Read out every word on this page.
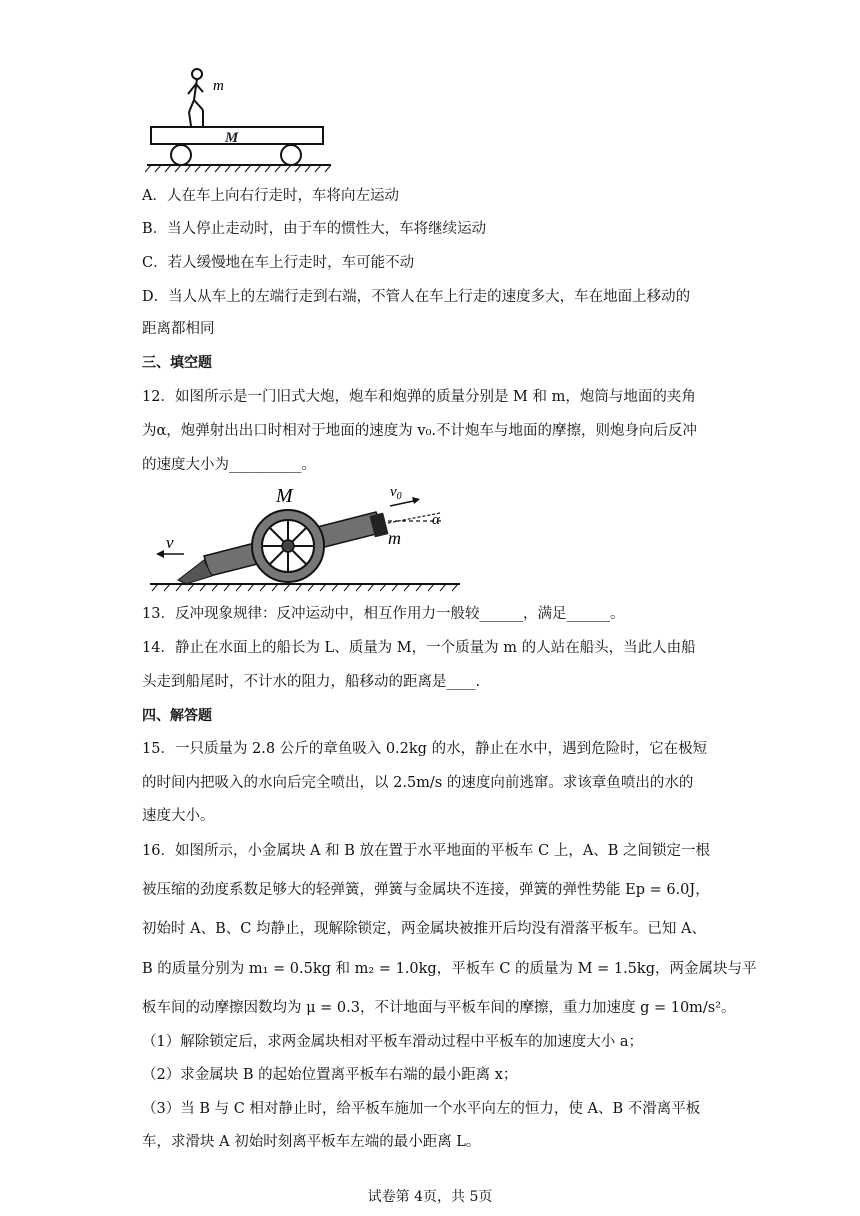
m
M
A．人在车上向右行走时，车将向左运动
B．当人停止走动时，由于车的惯性大，车将继续运动
C．若人缓慢地在车上行走时，车可能不动
D．当人从车上的左端行走到右端，不管人在车上行走的速度多大，车在地面上移动的
距离都相同
三、填空题
12．如图所示是一门旧式大炮，炮车和炮弹的质量分别是 M 和 m，炮筒与地面的夹角
为α，炮弹射出出口时相对于地面的速度为 v₀.不计炮车与地面的摩擦，则炮身向后反冲
的速度大小为__________。
M	$v_0$
α
m
v
13．反冲现象规律：反冲运动中，相互作用力一般较______，满足______。
14．静止在水面上的船长为 L、质量为 M，一个质量为 m 的人站在船头，当此人由船
头走到船尾时，不计水的阻力，船移动的距离是____.
四、解答题
15．一只质量为 2.8 公斤的章鱼吸入 0.2kg 的水，静止在水中，遇到危险时，它在极短
的时间内把吸入的水向后完全喷出，以 2.5m/s 的速度向前逃窜。求该章鱼喷出的水的
速度大小。
16．如图所示，小金属块 A 和 B 放在置于水平地面的平板车 C 上，A、B 之间锁定一根
被压缩的劲度系数足够大的轻弹簧，弹簧与金属块不连接，弹簧的弹性势能 Ep = 6.0J，
初始时 A、B、C 均静止，现解除锁定，两金属块被推开后均没有滑落平板车。已知 A、
B 的质量分别为 m₁ = 0.5kg 和 m₂ = 1.0kg，平板车 C 的质量为 M = 1.5kg，两金属块与平
板车间的动摩擦因数均为 μ = 0.3，不计地面与平板车间的摩擦，重力加速度 g = 10m/s²。
（1）解除锁定后，求两金属块相对平板车滑动过程中平板车的加速度大小 a；
（2）求金属块 B 的起始位置离平板车右端的最小距离 x；
（3）当 B 与 C 相对静止时，给平板车施加一个水平向左的恒力，使 A、B 不滑离平板
车，求滑块 A 初始时刻离平板车左端的最小距离 L。
试卷第 4页，共 5页
